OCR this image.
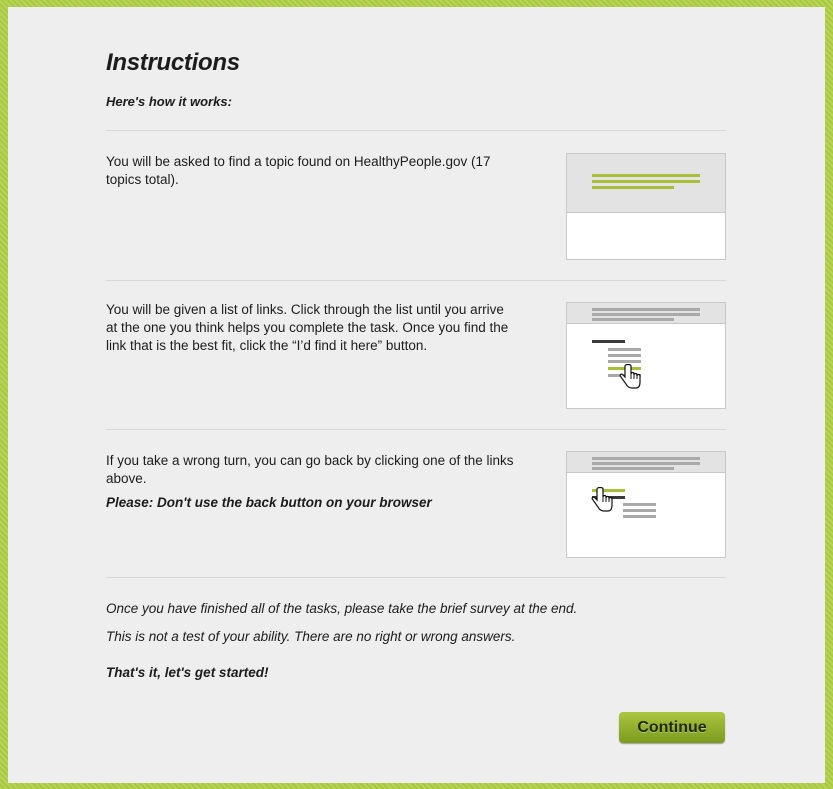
Instructions
Here's how it works:

You will be asked to find a topic found on HealthyPeople.gov (17 topics total).

You will be given a list of links. Click through the list until you arrive at the one you think helps you complete the task. Once you find the link that is the best fit, click the “I’d find it here” button.

If you take a wrong turn, you can go back by clicking one of the links above.

Please: Don't use the back button on your browser

Once you have finished all of the tasks, please take the brief survey at the end.
This is not a test of your ability. There are no right or wrong answers.
That's it, let's get started!
Continue
